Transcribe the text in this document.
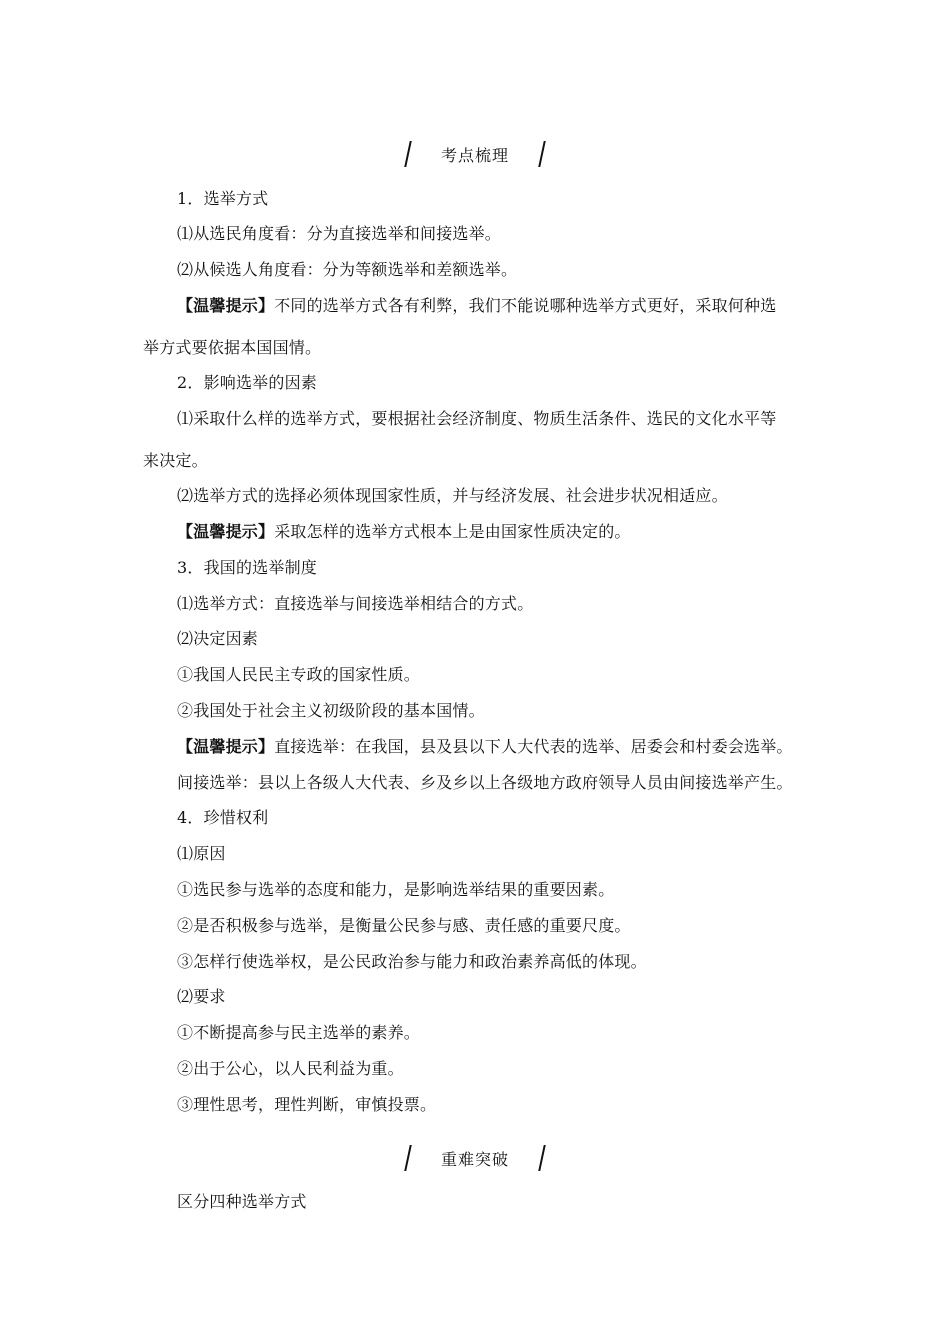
考点梳理
1．选举方式
⑴从选民角度看：分为直接选举和间接选举。
⑵从候选人角度看：分为等额选举和差额选举。
【温馨提示】不同的选举方式各有利弊，我们不能说哪种选举方式更好，采取何种选
举方式要依据本国国情。
2．影响选举的因素
⑴采取什么样的选举方式，要根据社会经济制度、物质生活条件、选民的文化水平等
来决定。
⑵选举方式的选择必须体现国家性质，并与经济发展、社会进步状况相适应。
【温馨提示】采取怎样的选举方式根本上是由国家性质决定的。
3．我国的选举制度
⑴选举方式：直接选举与间接选举相结合的方式。
⑵决定因素
①我国人民民主专政的国家性质。
②我国处于社会主义初级阶段的基本国情。
【温馨提示】直接选举：在我国，县及县以下人大代表的选举、居委会和村委会选举。
间接选举：县以上各级人大代表、乡及乡以上各级地方政府领导人员由间接选举产生。
4．珍惜权利
⑴原因
①选民参与选举的态度和能力，是影响选举结果的重要因素。
②是否积极参与选举，是衡量公民参与感、责任感的重要尺度。
③怎样行使选举权，是公民政治参与能力和政治素养高低的体现。
⑵要求
①不断提高参与民主选举的素养。
②出于公心，以人民利益为重。
③理性思考，理性判断，审慎投票。
重难突破
区分四种选举方式
